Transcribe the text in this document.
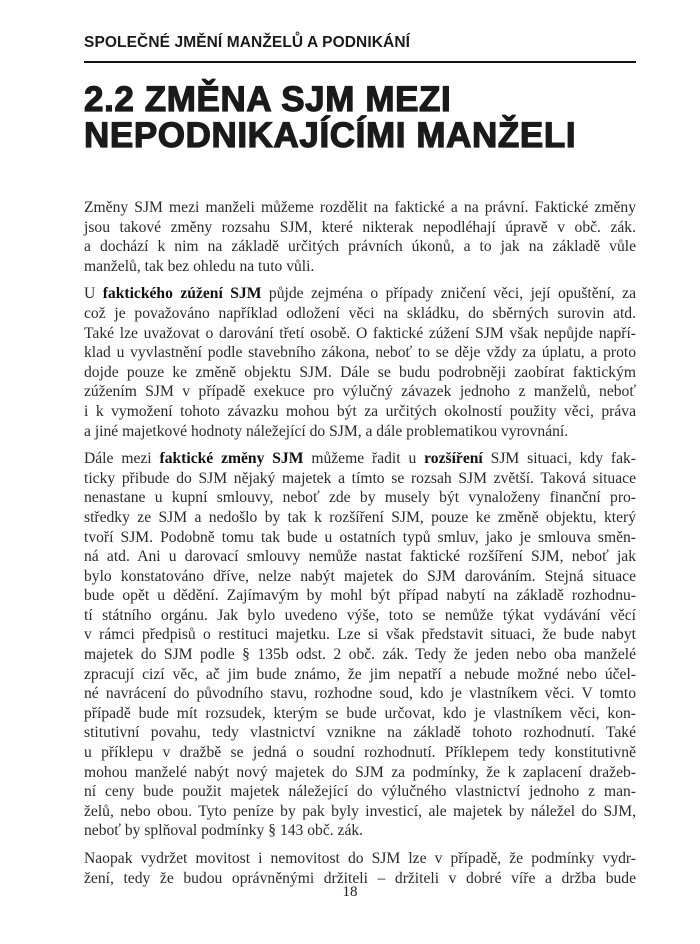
SPOLEČNÉ JMĚNÍ MANŽELŮ A PODNIKÁNÍ
2.2 ZMĚNA SJM MEZI
NEPODNIKAJÍCÍMI MANŽELI
Změny SJM mezi manželi můžeme rozdělit na faktické a na právní. Faktické změny
jsou takové změny rozsahu SJM, které nikterak nepodléhají úpravě v obč. zák.
a dochází k nim na základě určitých právních úkonů, a to jak na základě vůle
manželů, tak bez ohledu na tuto vůli.
U faktického zúžení SJM půjde zejména o případy zničení věci, její opuštění, za
což je považováno například odložení věci na skládku, do sběrných surovin atd.
Také lze uvažovat o darování třetí osobě. O faktické zúžení SJM však nepůjde napří-
klad u vyvlastnění podle stavebního zákona, neboť to se děje vždy za úplatu, a proto
dojde pouze ke změně objektu SJM. Dále se budu podrobněji zaobírat faktickým
zúžením SJM v případě exekuce pro výlučný závazek jednoho z manželů, neboť
i k vymožení tohoto závazku mohou být za určitých okolností použity věci, práva
a jiné majetkové hodnoty náležející do SJM, a dále problematikou vyrovnání.
Dále mezi faktické změny SJM můžeme řadit u rozšíření SJM situaci, kdy fak-
ticky přibude do SJM nějaký majetek a tímto se rozsah SJM zvětší. Taková situace
nenastane u kupní smlouvy, neboť zde by musely být vynaloženy finanční pro-
středky ze SJM a nedošlo by tak k rozšíření SJM, pouze ke změně objektu, který
tvoří SJM. Podobně tomu tak bude u ostatních typů smluv, jako je smlouva směn-
ná atd. Ani u darovací smlouvy nemůže nastat faktické rozšíření SJM, neboť jak
bylo konstatováno dříve, nelze nabýt majetek do SJM darováním. Stejná situace
bude opět u dědění. Zajímavým by mohl být případ nabytí na základě rozhodnu-
tí státního orgánu. Jak bylo uvedeno výše, toto se nemůže týkat vydávání věcí
v rámci předpisů o restituci majetku. Lze si však představit situaci, že bude nabyt
majetek do SJM podle § 135b odst. 2 obč. zák. Tedy že jeden nebo oba manželé
zpracují cizí věc, ač jim bude známo, že jim nepatří a nebude možné nebo účel-
né navrácení do původního stavu, rozhodne soud, kdo je vlastníkem věci. V tomto
případě bude mít rozsudek, kterým se bude určovat, kdo je vlastníkem věci, kon-
stitutivní povahu, tedy vlastnictví vznikne na základě tohoto rozhodnutí. Také
u příklepu v dražbě se jedná o soudní rozhodnutí. Příklepem tedy konstitutivně
mohou manželé nabýt nový majetek do SJM za podmínky, že k zaplacení dražeb-
ní ceny bude použit majetek náležející do výlučného vlastnictví jednoho z man-
želů, nebo obou. Tyto peníze by pak byly investicí, ale majetek by náležel do SJM,
neboť by splňoval podmínky § 143 obč. zák.
Naopak vydržet movitost i nemovitost do SJM lze v případě, že podmínky vydr-
žení, tedy že budou oprávněnými držiteli – držiteli v dobré víře a držba bude
18
